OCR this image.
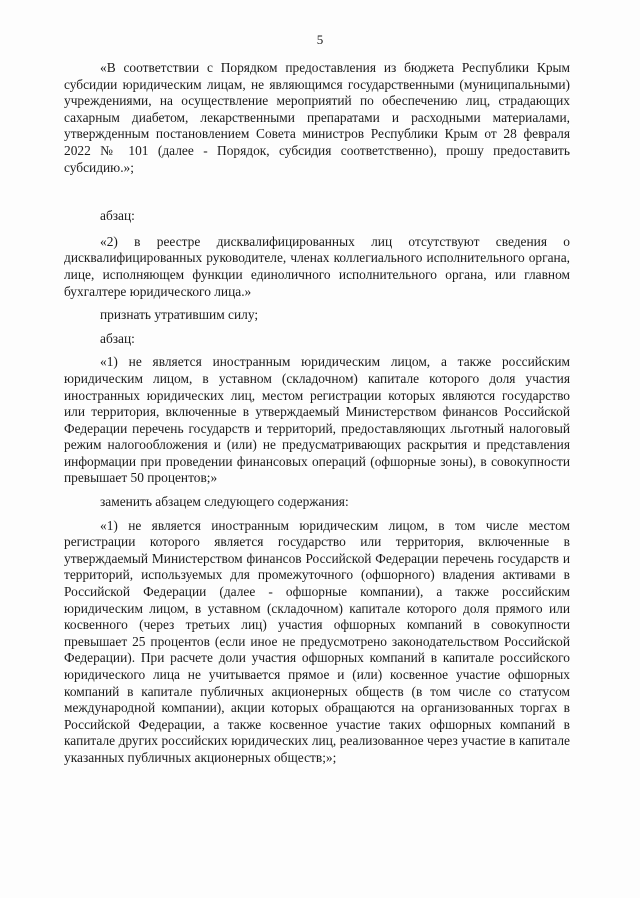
5

«В соответствии с Порядком предоставления из бюджета Республики Крым субсидии юридическим лицам, не являющимся государственными (муниципальными) учреждениями, на осуществление мероприятий по обеспечению лиц, страдающих сахарным диабетом, лекарственными препаратами и расходными материалами, утвержденным постановлением Совета министров Республики Крым от 28 февраля 2022 № 101 (далее - Порядок, субсидия соответственно), прошу предоставить субсидию.»;

абзац:

«2) в реестре дисквалифицированных лиц отсутствуют сведения о дисквалифицированных руководителе, членах коллегиального исполнительного органа, лице, исполняющем функции единоличного исполнительного органа, или главном бухгалтере юридического лица.»

признать утратившим силу;

абзац:

«1) не является иностранным юридическим лицом, а также российским юридическим лицом, в уставном (складочном) капитале которого доля участия иностранных юридических лиц, местом регистрации которых являются государство или территория, включенные в утверждаемый Министерством финансов Российской Федерации перечень государств и территорий, предоставляющих льготный налоговый режим налогообложения и (или) не предусматривающих раскрытия и представления информации при проведении финансовых операций (офшорные зоны), в совокупности превышает 50 процентов;»

заменить абзацем следующего содержания:

«1) не является иностранным юридическим лицом, в том числе местом регистрации которого является государство или территория, включенные в утверждаемый Министерством финансов Российской Федерации перечень государств и территорий, используемых для промежуточного (офшорного) владения активами в Российской Федерации (далее - офшорные компании), а также российским юридическим лицом, в уставном (складочном) капитале которого доля прямого или косвенного (через третьих лиц) участия офшорных компаний в совокупности превышает 25 процентов (если иное не предусмотрено законодательством Российской Федерации). При расчете доли участия офшорных компаний в капитале российского юридического лица не учитывается прямое и (или) косвенное участие офшорных компаний в капитале публичных акционерных обществ (в том числе со статусом международной компании), акции которых обращаются на организованных торгах в Российской Федерации, а также косвенное участие таких офшорных компаний в капитале других российских юридических лиц, реализованное через участие в капитале указанных публичных акционерных обществ;»;
